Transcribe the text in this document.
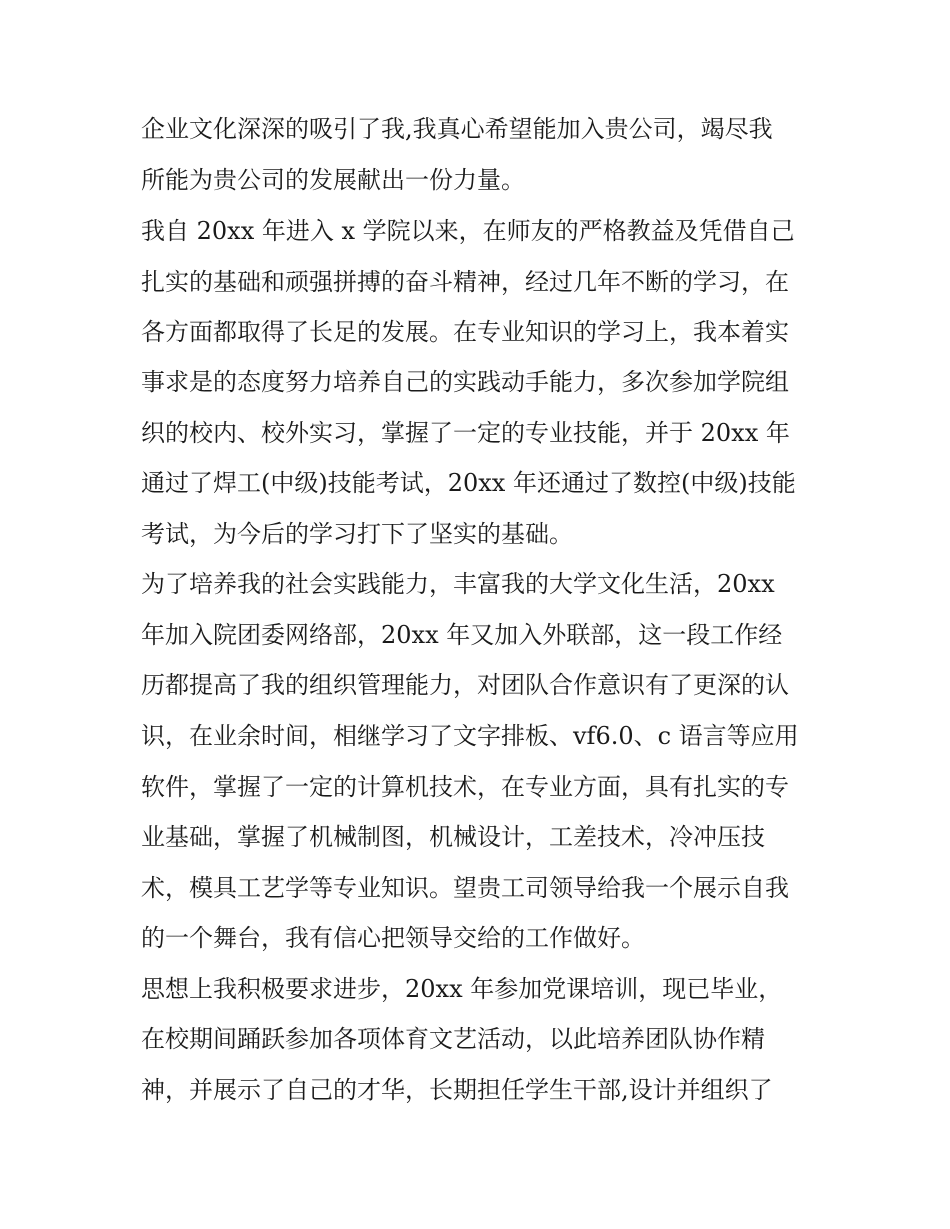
企业文化深深的吸引了我,我真心希望能加入贵公司，竭尽我
所能为贵公司的发展献出一份力量。
我自 20xx 年进入 x 学院以来，在师友的严格教益及凭借自己
扎实的基础和顽强拼搏的奋斗精神，经过几年不断的学习，在
各方面都取得了长足的发展。在专业知识的学习上，我本着实
事求是的态度努力培养自己的实践动手能力，多次参加学院组
织的校内、校外实习，掌握了一定的专业技能，并于 20xx 年
通过了焊工(中级)技能考试，20xx 年还通过了数控(中级)技能
考试，为今后的学习打下了坚实的基础。
为了培养我的社会实践能力，丰富我的大学文化生活，20xx
年加入院团委网络部，20xx 年又加入外联部，这一段工作经
历都提高了我的组织管理能力，对团队合作意识有了更深的认
识，在业余时间，相继学习了文字排板、vf6.0、c 语言等应用
软件，掌握了一定的计算机技术，在专业方面，具有扎实的专
业基础，掌握了机械制图，机械设计，工差技术，冷冲压技
术，模具工艺学等专业知识。望贵工司领导给我一个展示自我
的一个舞台，我有信心把领导交给的工作做好。
思想上我积极要求进步，20xx 年参加党课培训，现已毕业，
在校期间踊跃参加各项体育文艺活动，以此培养团队协作精
神，并展示了自己的才华，长期担任学生干部,设计并组织了
